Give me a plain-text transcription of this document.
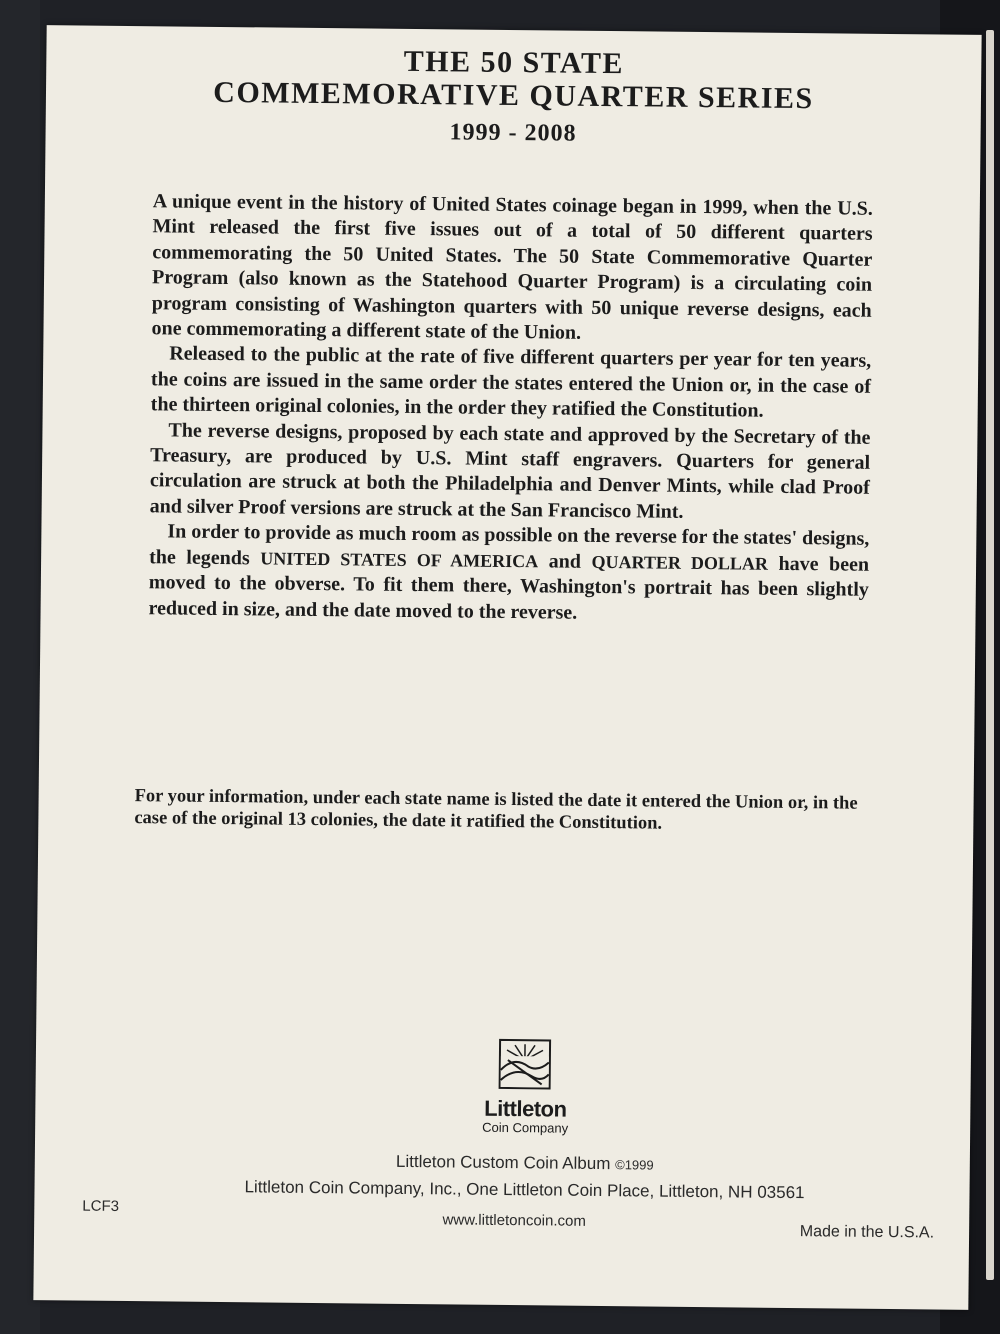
THE 50 STATE
COMMEMORATIVE QUARTER SERIES
1999 - 2008

A unique event in the history of United States coinage began in 1999, when the U.S. Mint released the first five issues out of a total of 50 different quarters commemorating the 50 United States. The 50 State Commemorative Quarter Program (also known as the Statehood Quarter Program) is a circulating coin program consisting of Washington quarters with 50 unique reverse designs, each one commemorating a different state of the Union.

Released to the public at the rate of five different quarters per year for ten years, the coins are issued in the same order the states entered the Union or, in the case of the thirteen original colonies, in the order they ratified the Constitution.

The reverse designs, proposed by each state and approved by the Secretary of the Treasury, are produced by U.S. Mint staff engravers. Quarters for general circulation are struck at both the Philadelphia and Denver Mints, while clad Proof and silver Proof versions are struck at the San Francisco Mint.

In order to provide as much room as possible on the reverse for the states' designs, the legends UNITED STATES OF AMERICA and QUARTER DOLLAR have been moved to the obverse. To fit them there, Washington's portrait has been slightly reduced in size, and the date moved to the reverse.

For your information, under each state name is listed the date it entered the Union or, in the case of the original 13 colonies, the date it ratified the Constitution.
Littleton
Coin Company
Littleton Custom Coin Album ©1999
Littleton Coin Company, Inc., One Littleton Coin Place, Littleton, NH 03561
LCF3
www.littletoncoin.com
Made in the U.S.A.
